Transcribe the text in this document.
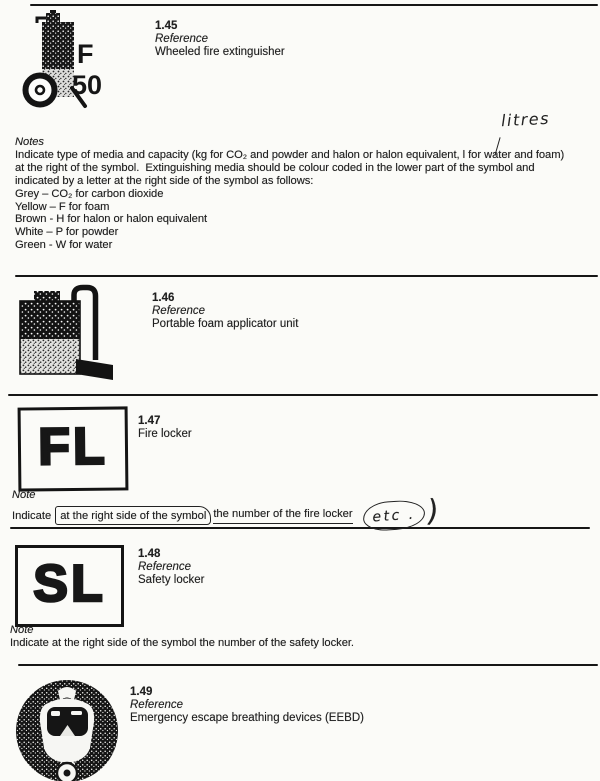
F
50
1.45
Reference
Wheeled fire extinguisher
litres
Notes
Indicate type of media and capacity (kg for CO₂ and powder and halon or halon equivalent, l for water and foam)
at the right of the symbol.  Extinguishing media should be colour coded in the lower part of the symbol and
indicated by a letter at the right side of the symbol as follows:
Grey – CO₂ for carbon dioxide
Yellow – F for foam
Brown - H for halon or halon equivalent
White – P for powder
Green - W for water
1.46
Reference
Portable foam applicator unit
FL	1.47
Fire locker
Note
Indicate at the right side of the symbol the number of the fire locker	etc . )
SL
1.48
Reference
Safety locker
Note
Indicate at the right side of the symbol the number of the safety locker.
1.49
Reference
Emergency escape breathing devices (EEBD)
